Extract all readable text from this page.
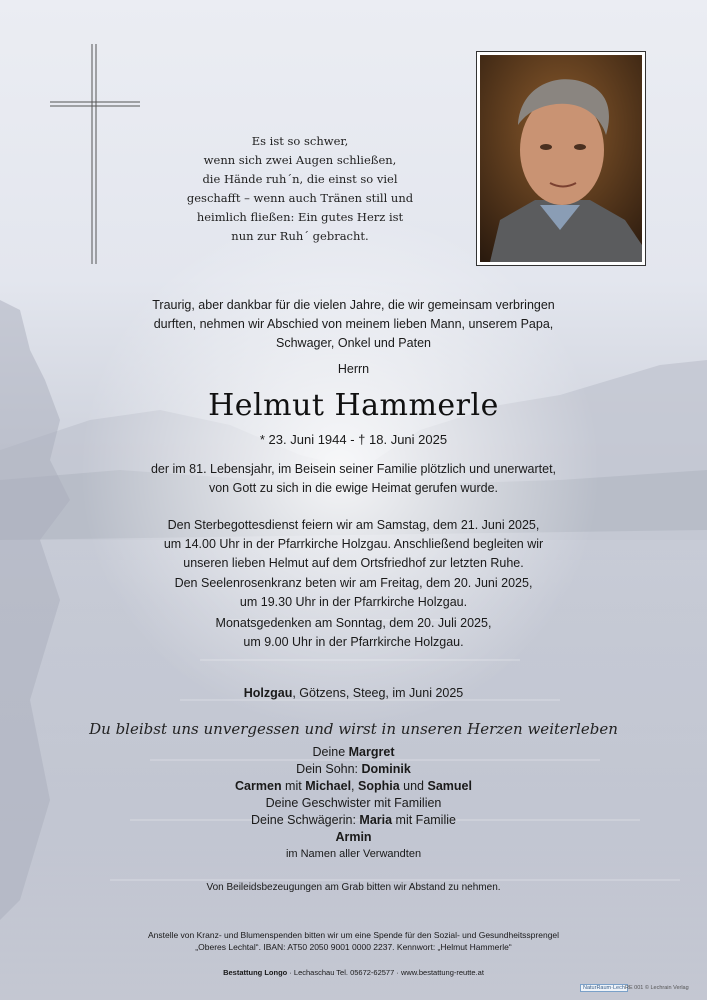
Es ist so schwer,
wenn sich zwei Augen schließen,
die Hände ruh´n, die einst so viel
geschafft – wenn auch Tränen still und
heimlich fließen: Ein gutes Herz ist
nun zur Ruh´ gebracht.
Traurig, aber dankbar für die vielen Jahre, die wir gemeinsam verbringen
durften, nehmen wir Abschied von meinem lieben Mann, unserem Papa,
Schwager, Onkel und Paten
Herrn
Helmut Hammerle
* 23. Juni 1944 - † 18. Juni 2025
der im 81. Lebensjahr, im Beisein seiner Familie plötzlich und unerwartet,
von Gott zu sich in die ewige Heimat gerufen wurde.
Den Sterbegottesdienst feiern wir am Samstag, dem 21. Juni 2025,
um 14.00 Uhr in der Pfarrkirche Holzgau. Anschließend begleiten wir
unseren lieben Helmut auf dem Ortsfriedhof zur letzten Ruhe.
Den Seelenrosenkranz beten wir am Freitag, dem 20. Juni 2025,
um 19.30 Uhr in der Pfarrkirche Holzgau.
Monatsgedenken am Sonntag, dem 20. Juli 2025,
um 9.00 Uhr in der Pfarrkirche Holzgau.
Holzgau, Götzens, Steeg, im Juni 2025
Du bleibst uns unvergessen und wirst in unseren Herzen weiterleben
Deine Margret
Dein Sohn: Dominik
Carmen mit Michael, Sophia und Samuel
Deine Geschwister mit Familien
Deine Schwägerin: Maria mit Familie
Armin
im Namen aller Verwandten
Von Beileidsbezeugungen am Grab bitten wir Abstand zu nehmen.
Anstelle von Kranz- und Blumenspenden bitten wir um eine Spende für den Sozial- und Gesundheitssprengel
„Oberes Lechtal“. IBAN: AT50 2050 9001 0000 2237. Kennwort: „Helmut Hammerle“
Bestattung Longo · Lechaschau Tel. 05672-62577 · www.bestattung-reutte.at
NaturRaum·Lech RE 001 © Lechrain Verlag
